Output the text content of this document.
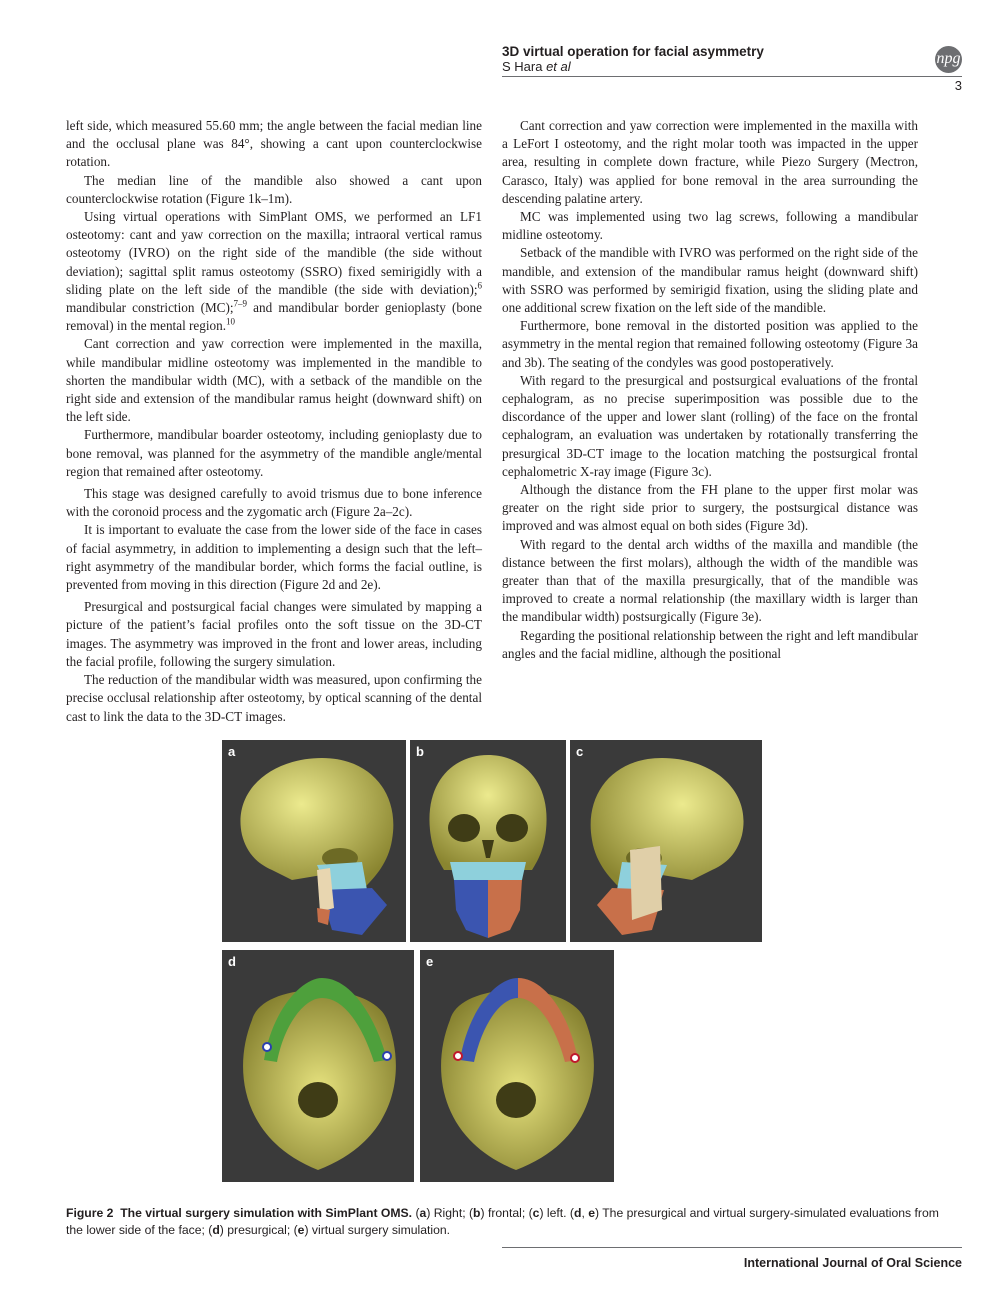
3D virtual operation for facial asymmetry
S Hara et al	npg
3

left side, which measured 55.60 mm; the angle between the facial median line and the occlusal plane was 84°, showing a cant upon counterclockwise rotation.

The median line of the mandible also showed a cant upon counterclockwise rotation (Figure 1k–1m).

Using virtual operations with SimPlant OMS, we performed an LF1 osteotomy: cant and yaw correction on the maxilla; intraoral vertical ramus osteotomy (IVRO) on the right side of the mandible (the side without deviation); sagittal split ramus osteotomy (SSRO) fixed semirigidly with a sliding plate on the left side of the mandible (the side with deviation);$^6$ mandibular constriction (MC);$^{7-9}$ and mandibular border genioplasty (bone removal) in the mental region.$^{10}$

Cant correction and yaw correction were implemented in the maxilla, while mandibular midline osteotomy was implemented in the mandible to shorten the mandibular width (MC), with a setback of the mandible on the right side and extension of the mandibular ramus height (downward shift) on the left side.

Furthermore, mandibular boarder osteotomy, including genioplasty due to bone removal, was planned for the asymmetry of the mandible angle/mental region that remained after osteotomy.

This stage was designed carefully to avoid trismus due to bone inference with the coronoid process and the zygomatic arch (Figure 2a–2c).

It is important to evaluate the case from the lower side of the face in cases of facial asymmetry, in addition to implementing a design such that the left–right asymmetry of the mandibular border, which forms the facial outline, is prevented from moving in this direction (Figure 2d and 2e).

Presurgical and postsurgical facial changes were simulated by mapping a picture of the patient’s facial profiles onto the soft tissue on the 3D-CT images. The asymmetry was improved in the front and lower areas, including the facial profile, following the surgery simulation.

The reduction of the mandibular width was measured, upon confirming the precise occlusal relationship after osteotomy, by optical scanning of the dental cast to link the data to the 3D-CT images.

Cant correction and yaw correction were implemented in the maxilla with a LeFort I osteotomy, and the right molar tooth was impacted in the upper area, resulting in complete down fracture, while Piezo Surgery (Mectron, Carasco, Italy) was applied for bone removal in the area surrounding the descending palatine artery.

MC was implemented using two lag screws, following a mandibular midline osteotomy.

Setback of the mandible with IVRO was performed on the right side of the mandible, and extension of the mandibular ramus height (downward shift) with SSRO was performed by semirigid fixation, using the sliding plate and one additional screw fixation on the left side of the mandible.

Furthermore, bone removal in the distorted position was applied to the asymmetry in the mental region that remained following osteotomy (Figure 3a and 3b). The seating of the condyles was good postoperatively.

With regard to the presurgical and postsurgical evaluations of the frontal cephalogram, as no precise superimposition was possible due to the discordance of the upper and lower slant (rolling) of the face on the frontal cephalogram, an evaluation was undertaken by rotationally transferring the presurgical 3D-CT image to the location matching the postsurgical frontal cephalometric X-ray image (Figure 3c).

Although the distance from the FH plane to the upper first molar was greater on the right side prior to surgery, the postsurgical distance was improved and was almost equal on both sides (Figure 3d).

With regard to the dental arch widths of the maxilla and mandible (the distance between the first molars), although the width of the mandible was greater than that of the maxilla presurgically, that of the mandible was improved to create a normal relationship (the maxillary width is larger than the mandibular width) postsurgically (Figure 3e).

Regarding the positional relationship between the right and left mandibular angles and the facial midline, although the positional

a	b	c
d	e
Figure 2 The virtual surgery simulation with SimPlant OMS. (a) Right; (b) frontal; (c) left. (d, e) The presurgical and virtual surgery-simulated evaluations from the lower side of the face; (d) presurgical; (e) virtual surgery simulation.
International Journal of Oral Science
